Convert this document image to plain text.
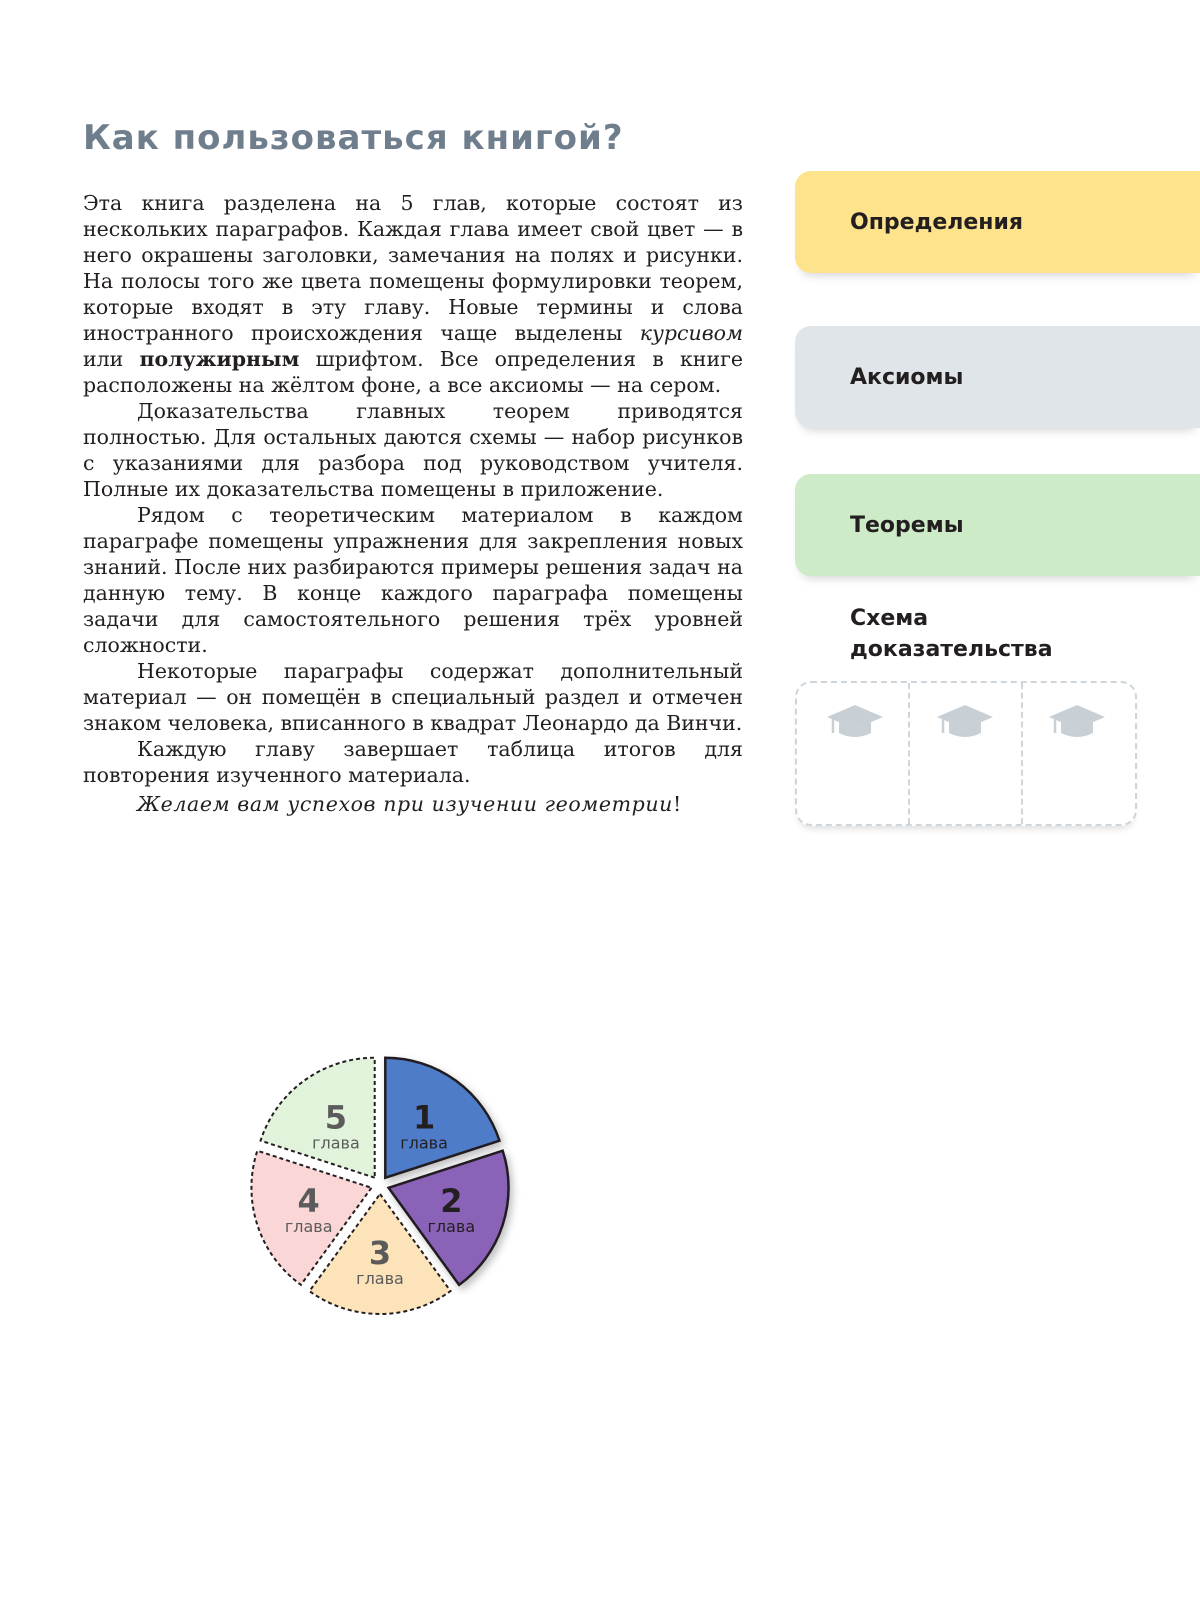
Как пользоваться книгой?

Эта книга разделена на 5 глав, которые состоят из нескольких параграфов. Каждая глава имеет свой цвет — в него окрашены заголовки, замечания на полях и рисунки. На полосы того же цвета помещены формулировки теорем, которые входят в эту главу. Новые термины и слова иностранного происхождения чаще выделены курсивом или полужирным шрифтом. Все определения в книге расположены на жёлтом фоне, а все аксиомы — на сером.

Доказательства главных теорем приводятся полностью. Для остальных даются схемы — набор рисунков с указаниями для разбора под руководством учителя. Полные их доказательства помещены в приложение.

Рядом с теоретическим материалом в каждом параграфе помещены упражнения для закрепления новых знаний. После них разбираются примеры решения задач на данную тему. В конце каждого параграфа помещены задачи для самостоятельного решения трёх уровней сложности.

Некоторые параграфы содержат дополнительный материал — он помещён в специальный раздел и отмечен знаком человека, вписанного в квадрат Леонардо да Винчи.

Каждую главу завершает таблица итогов для повторения изученного материала.

Желаем вам успехов при изучении геометрии!
Определения
Аксиомы
Теоремы
Схема
доказательства
1
глава
2
глава
3
глава
4
глава
5
глава
